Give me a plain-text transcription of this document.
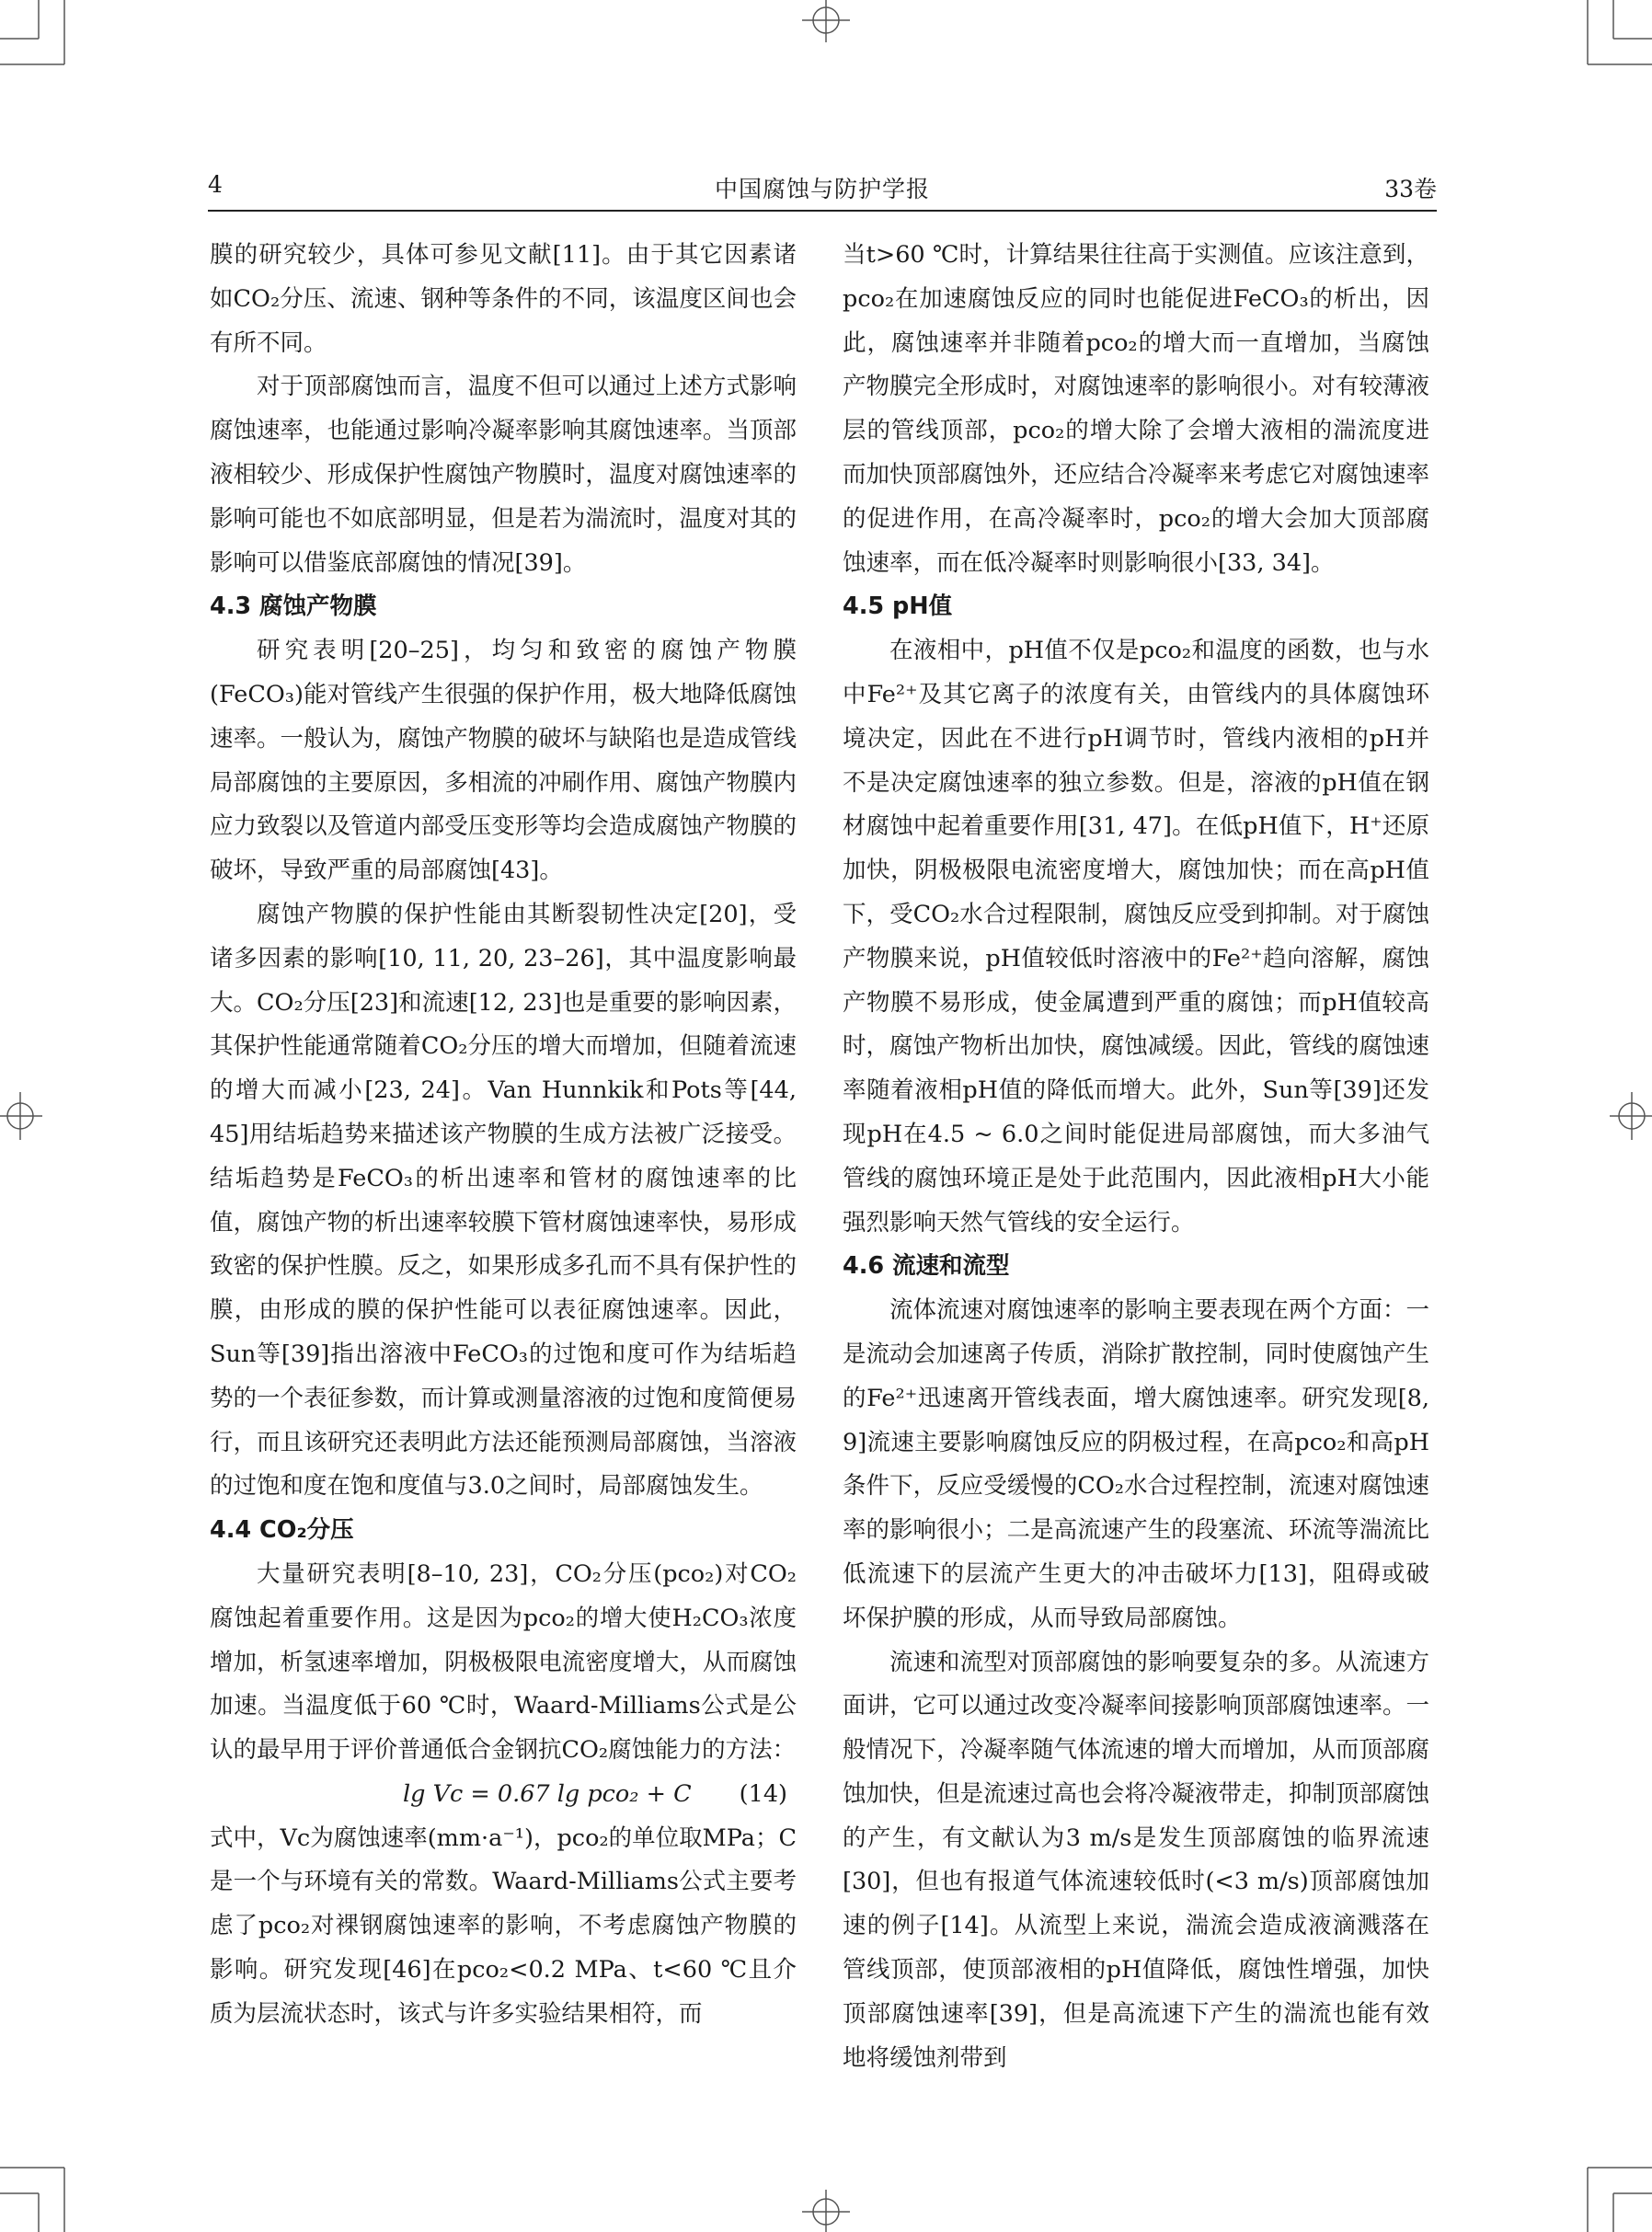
4	中国腐蚀与防护学报	33卷

膜的研究较少，具体可参见文献[11]。由于其它因素诸如CO₂分压、流速、钢种等条件的不同，该温度区间也会有所不同。

对于顶部腐蚀而言，温度不但可以通过上述方式影响腐蚀速率，也能通过影响冷凝率影响其腐蚀速率。当顶部液相较少、形成保护性腐蚀产物膜时，温度对腐蚀速率的影响可能也不如底部明显，但是若为湍流时，温度对其的影响可以借鉴底部腐蚀的情况[39]。

4.3 腐蚀产物膜

研究表明[20–25]，均匀和致密的腐蚀产物膜(FeCO₃)能对管线产生很强的保护作用，极大地降低腐蚀速率。一般认为，腐蚀产物膜的破坏与缺陷也是造成管线局部腐蚀的主要原因，多相流的冲刷作用、腐蚀产物膜内应力致裂以及管道内部受压变形等均会造成腐蚀产物膜的破坏，导致严重的局部腐蚀[43]。

腐蚀产物膜的保护性能由其断裂韧性决定[20]，受诸多因素的影响[10, 11, 20, 23–26]，其中温度影响最大。CO₂分压[23]和流速[12, 23]也是重要的影响因素，其保护性能通常随着CO₂分压的增大而增加，但随着流速的增大而减小[23, 24]。Van Hunnkik和Pots等[44, 45]用结垢趋势来描述该产物膜的生成方法被广泛接受。结垢趋势是FeCO₃的析出速率和管材的腐蚀速率的比值，腐蚀产物的析出速率较膜下管材腐蚀速率快，易形成致密的保护性膜。反之，如果形成多孔而不具有保护性的膜，由形成的膜的保护性能可以表征腐蚀速率。因此，Sun等[39]指出溶液中FeCO₃的过饱和度可作为结垢趋势的一个表征参数，而计算或测量溶液的过饱和度简便易行，而且该研究还表明此方法还能预测局部腐蚀，当溶液的过饱和度在饱和度值与3.0之间时，局部腐蚀发生。

4.4 CO₂分压

大量研究表明[8–10, 23]，CO₂分压(pco₂)对CO₂腐蚀起着重要作用。这是因为pco₂的增大使H₂CO₃浓度增加，析氢速率增加，阴极极限电流密度增大，从而腐蚀加速。当温度低于60 ℃时，Waard-Milliams公式是公认的最早用于评价普通低合金钢抗CO₂腐蚀能力的方法：

lg Vc = 0.67 lg pco₂ + C (14)

式中，Vc为腐蚀速率(mm·a⁻¹)，pco₂的单位取MPa；C是一个与环境有关的常数。Waard-Milliams公式主要考虑了pco₂对裸钢腐蚀速率的影响，不考虑腐蚀产物膜的影响。研究发现[46]在pco₂<0.2 MPa、t<60 ℃且介质为层流状态时，该式与许多实验结果相符，而

当t>60 ℃时，计算结果往往高于实测值。应该注意到，pco₂在加速腐蚀反应的同时也能促进FeCO₃的析出，因此，腐蚀速率并非随着pco₂的增大而一直增加，当腐蚀产物膜完全形成时，对腐蚀速率的影响很小。对有较薄液层的管线顶部，pco₂的增大除了会增大液相的湍流度进而加快顶部腐蚀外，还应结合冷凝率来考虑它对腐蚀速率的促进作用，在高冷凝率时，pco₂的增大会加大顶部腐蚀速率，而在低冷凝率时则影响很小[33, 34]。

4.5 pH值

在液相中，pH值不仅是pco₂和温度的函数，也与水中Fe²⁺及其它离子的浓度有关，由管线内的具体腐蚀环境决定，因此在不进行pH调节时，管线内液相的pH并不是决定腐蚀速率的独立参数。但是，溶液的pH值在钢材腐蚀中起着重要作用[31, 47]。在低pH值下，H⁺还原加快，阴极极限电流密度增大，腐蚀加快；而在高pH值下，受CO₂水合过程限制，腐蚀反应受到抑制。对于腐蚀产物膜来说，pH值较低时溶液中的Fe²⁺趋向溶解，腐蚀产物膜不易形成，使金属遭到严重的腐蚀；而pH值较高时，腐蚀产物析出加快，腐蚀减缓。因此，管线的腐蚀速率随着液相pH值的降低而增大。此外，Sun等[39]还发现pH在4.5 ~ 6.0之间时能促进局部腐蚀，而大多油气管线的腐蚀环境正是处于此范围内，因此液相pH大小能强烈影响天然气管线的安全运行。

4.6 流速和流型

流体流速对腐蚀速率的影响主要表现在两个方面：一是流动会加速离子传质，消除扩散控制，同时使腐蚀产生的Fe²⁺迅速离开管线表面，增大腐蚀速率。研究发现[8, 9]流速主要影响腐蚀反应的阴极过程，在高pco₂和高pH条件下，反应受缓慢的CO₂水合过程控制，流速对腐蚀速率的影响很小；二是高流速产生的段塞流、环流等湍流比低流速下的层流产生更大的冲击破坏力[13]，阻碍或破坏保护膜的形成，从而导致局部腐蚀。

流速和流型对顶部腐蚀的影响要复杂的多。从流速方面讲，它可以通过改变冷凝率间接影响顶部腐蚀速率。一般情况下，冷凝率随气体流速的增大而增加，从而顶部腐蚀加快，但是流速过高也会将冷凝液带走，抑制顶部腐蚀的产生，有文献认为3 m/s是发生顶部腐蚀的临界流速[30]，但也有报道气体流速较低时(<3 m/s)顶部腐蚀加速的例子[14]。从流型上来说，湍流会造成液滴溅落在管线顶部，使顶部液相的pH值降低，腐蚀性增强，加快顶部腐蚀速率[39]，但是高流速下产生的湍流也能有效地将缓蚀剂带到
